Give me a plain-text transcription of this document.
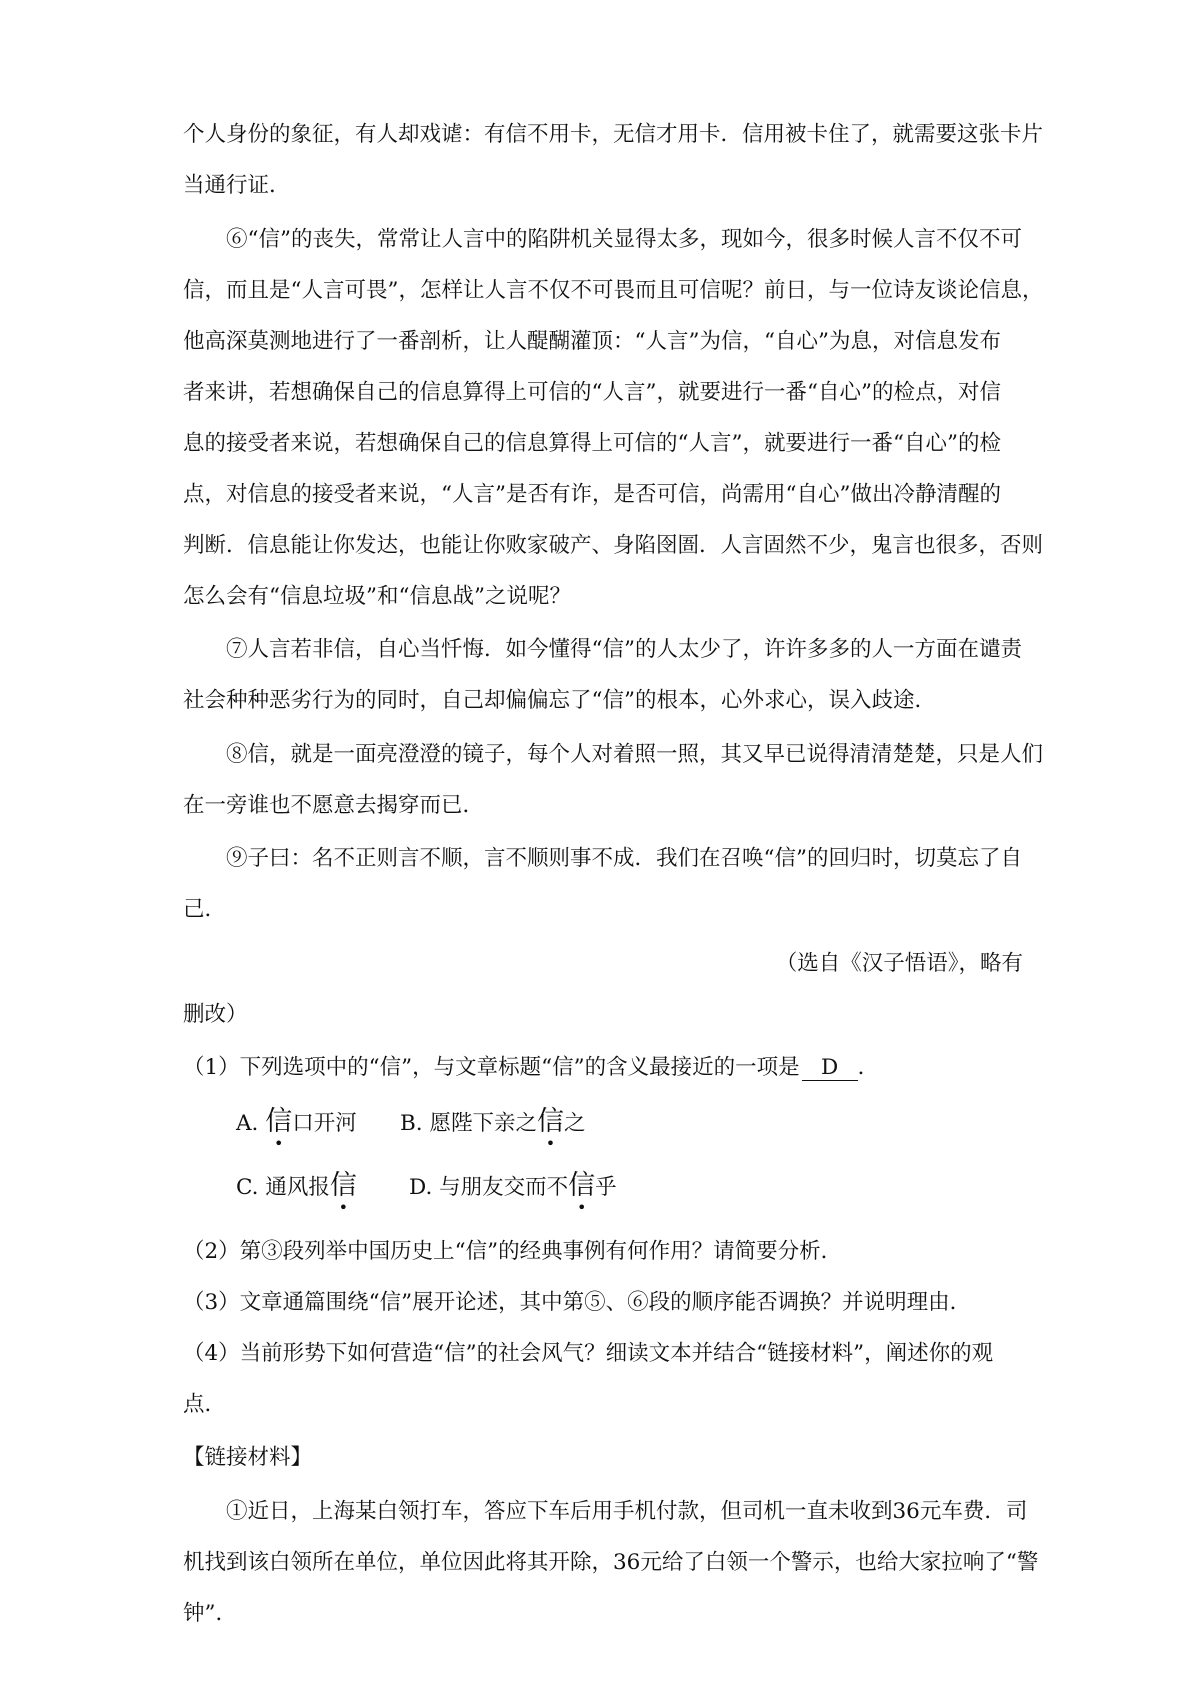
个人身份的象征，有人却戏谑：有信不用卡，无信才用卡．信用被卡住了，就需要这张卡片
当通行证．
⑥“信”的丧失，常常让人言中的陷阱机关显得太多，现如今，很多时候人言不仅不可
信，而且是“人言可畏”，怎样让人言不仅不可畏而且可信呢？前日，与一位诗友谈论信息，
他高深莫测地进行了一番剖析，让人醍醐灌顶：“人言”为信，“自心”为息，对信息发布
者来讲，若想确保自己的信息算得上可信的“人言”，就要进行一番“自心”的检点，对信
息的接受者来说，若想确保自己的信息算得上可信的“人言”，就要进行一番“自心”的检
点，对信息的接受者来说，“人言”是否有诈，是否可信，尚需用“自心”做出冷静清醒的
判断．信息能让你发达，也能让你败家破产、身陷囹圄．人言固然不少，鬼言也很多，否则
怎么会有“信息垃圾”和“信息战”之说呢？
⑦人言若非信，自心当忏悔．如今懂得“信”的人太少了，许许多多的人一方面在谴责
社会种种恶劣行为的同时，自己却偏偏忘了“信”的根本，心外求心，误入歧途．
⑧信，就是一面亮澄澄的镜子，每个人对着照一照，其又早已说得清清楚楚，只是人们
在一旁谁也不愿意去揭穿而已．
⑨子曰：名不正则言不顺，言不顺则事不成．我们在召唤“信”的回归时，切莫忘了自
己．
（选自《汉子悟语》，略有
删改）
（1）下列选项中的“信”，与文章标题“信”的含义最接近的一项是 D ．
A. 信
•
口开河 B. 愿陛下亲之信
•
之
C. 通风报信
•
D. 与朋友交而不信
•
乎
（2）第③段列举中国历史上“信”的经典事例有何作用？请简要分析．
（3）文章通篇围绕“信”展开论述，其中第⑤、⑥段的顺序能否调换？并说明理由．
（4）当前形势下如何营造“信”的社会风气？细读文本并结合“链接材料”，阐述你的观
点．
【链接材料】
①近日，上海某白领打车，答应下车后用手机付款，但司机一直未收到36元车费．司
机找到该白领所在单位，单位因此将其开除，36元给了白领一个警示，也给大家拉响了“警
钟”．
